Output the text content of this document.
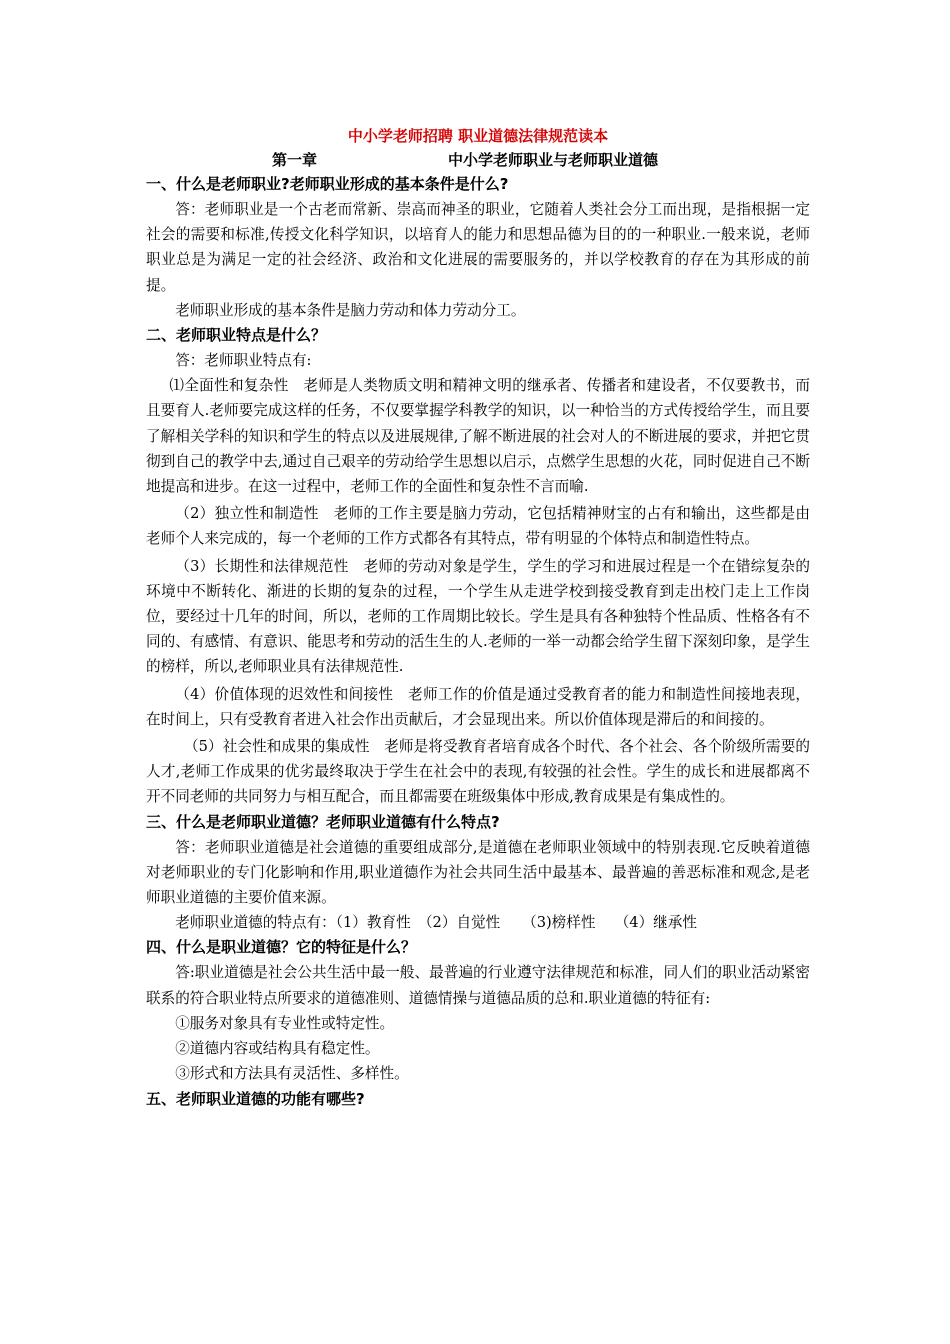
中小学老师招聘 职业道德法律规范读本

第一章	中小学老师职业与老师职业道德

一、什么是老师职业?老师职业形成的基本条件是什么?

答：老师职业是一个古老而常新、崇高而神圣的职业，它随着人类社会分工而出现，是指根据一定社会的需要和标准,传授文化科学知识，以培育人的能力和思想品德为目的的一种职业.一般来说，老师职业总是为满足一定的社会经济、政治和文化进展的需要服务的，并以学校教育的存在为其形成的前提。

老师职业形成的基本条件是脑力劳动和体力劳动分工。

二、老师职业特点是什么？

答：老师职业特点有:

⑴全面性和复杂性　老师是人类物质文明和精神文明的继承者、传播者和建设者，不仅要教书，而且要育人.老师要完成这样的任务，不仅要掌握学科教学的知识，以一种恰当的方式传授给学生，而且要了解相关学科的知识和学生的特点以及进展规律,了解不断进展的社会对人的不断进展的要求，并把它贯彻到自己的教学中去,通过自己艰辛的劳动给学生思想以启示，点燃学生思想的火花，同时促进自己不断地提高和进步。在这一过程中，老师工作的全面性和复杂性不言而喻.

（2）独立性和制造性　老师的工作主要是脑力劳动，它包括精神财宝的占有和输出，这些都是由老师个人来完成的，每一个老师的工作方式都各有其特点，带有明显的个体特点和制造性特点。

（3）长期性和法律规范性　老师的劳动对象是学生，学生的学习和进展过程是一个在错综复杂的环境中不断转化、渐进的长期的复杂的过程，一个学生从走进学校到接受教育到走出校门走上工作岗位，要经过十几年的时间，所以，老师的工作周期比较长。学生是具有各种独特个性品质、性格各有不同的、有感情、有意识、能思考和劳动的活生生的人.老师的一举一动都会给学生留下深刻印象，是学生的榜样，所以,老师职业具有法律规范性.

（4）价值体现的迟效性和间接性　老师工作的价值是通过受教育者的能力和制造性间接地表现，在时间上，只有受教育者进入社会作出贡献后，才会显现出来。所以价值体现是滞后的和间接的。

（5）社会性和成果的集成性　老师是将受教育者培育成各个时代、各个社会、各个阶级所需要的人才,老师工作成果的优劣最终取决于学生在社会中的表现,有较强的社会性。学生的成长和进展都离不开不同老师的共同努力与相互配合，而且都需要在班级集体中形成,教育成果是有集成性的。

三、什么是老师职业道德？老师职业道德有什么特点?

答：老师职业道德是社会道德的重要组成部分,是道德在老师职业领域中的特别表现.它反映着道德对老师职业的专门化影响和作用,职业道德作为社会共同生活中最基本、最普遍的善恶标准和观念,是老师职业道德的主要价值来源。

老师职业道德的特点有：（1）教育性　（2）自觉性　　（3)榜样性　 （4）继承性

四、什么是职业道德？它的特征是什么？

答:职业道德是社会公共生活中最一般、最普遍的行业遵守法律规范和标准，同人们的职业活动紧密联系的符合职业特点所要求的道德准则、道德情操与道德品质的总和.职业道德的特征有:

①服务对象具有专业性或特定性。

②道德内容或结构具有稳定性。

③形式和方法具有灵活性、多样性。

五、老师职业道德的功能有哪些?
